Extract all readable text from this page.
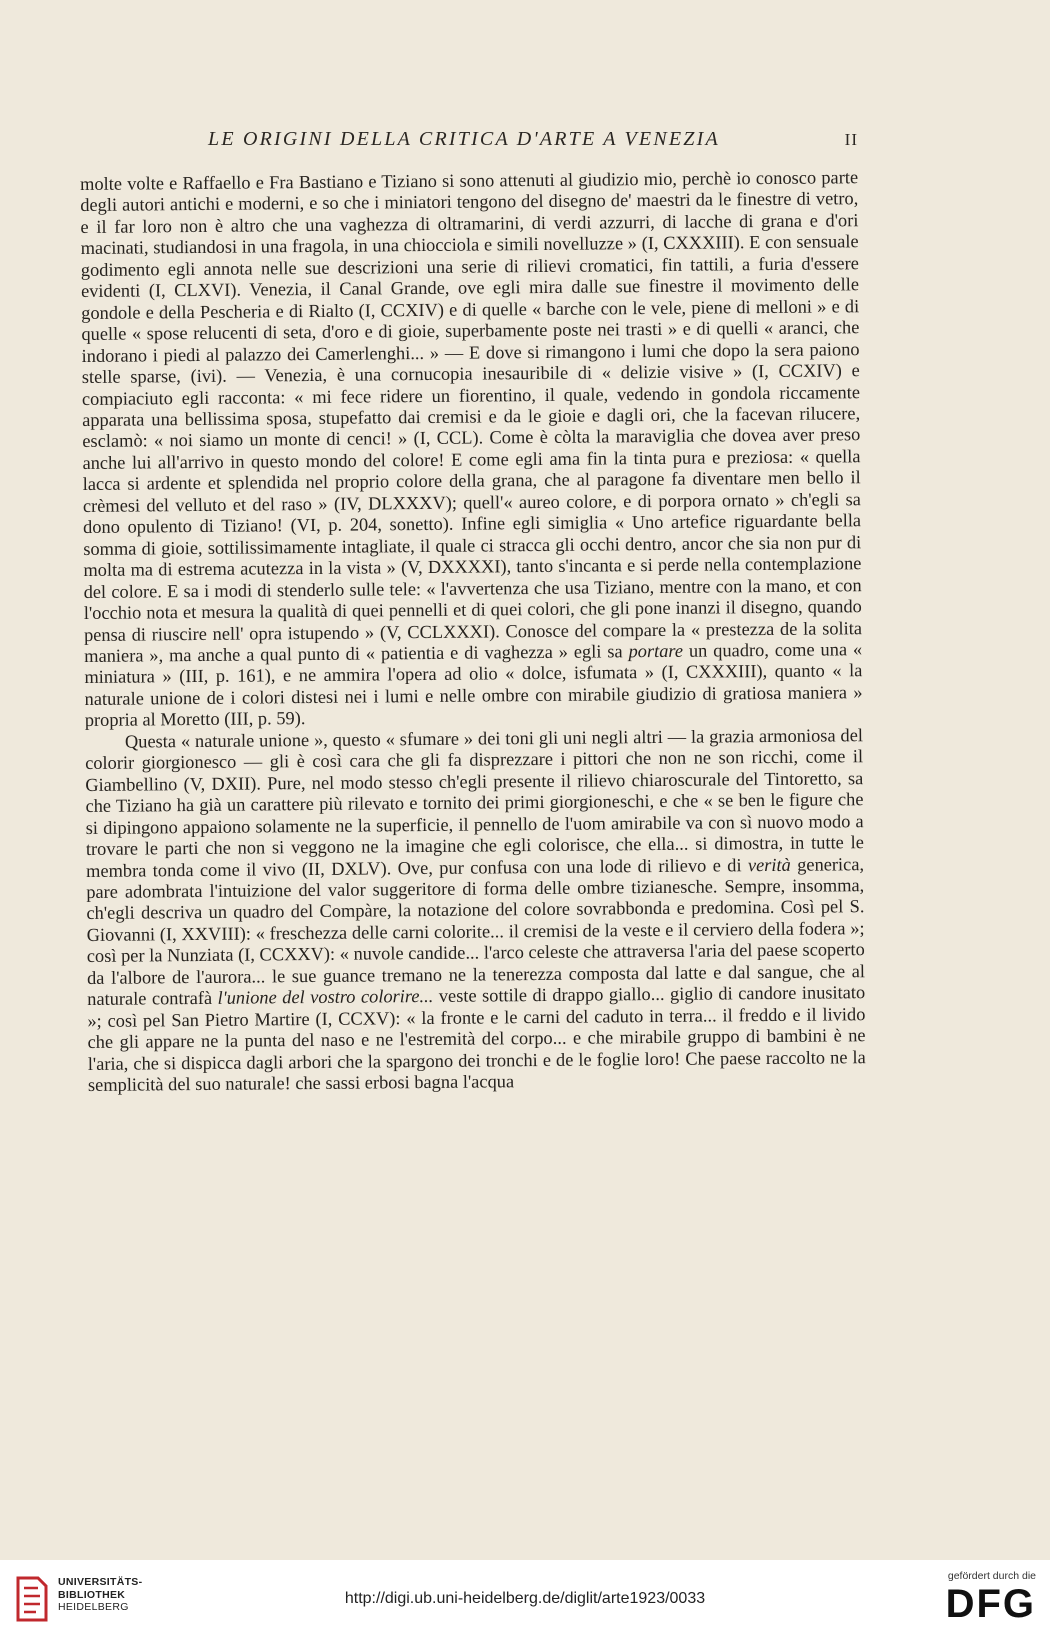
LE ORIGINI DELLA CRITICA D'ARTE A VENEZIA	II

molte volte e Raffaello e Fra Bastiano e Tiziano si sono attenuti al giudizio mio, perchè io conosco parte degli autori antichi e moderni, e so che i miniatori tengono del disegno de' maestri da le finestre di vetro, e il far loro non è altro che una vaghezza di oltramarini, di verdi azzurri, di lacche di grana e d'ori macinati, studiandosi in una fragola, in una chiocciola e simili novelluzze » (I, CXXXIII). E con sensuale godimento egli annota nelle sue descrizioni una serie di rilievi cromatici, fin tattili, a furia d'essere evidenti (I, CLXVI). Venezia, il Canal Grande, ove egli mira dalle sue finestre il movimento delle gondole e della Pescheria e di Rialto (I, CCXIV) e di quelle « barche con le vele, piene di melloni » e di quelle « spose relucenti di seta, d'oro e di gioie, superbamente poste nei trasti » e di quelli « aranci, che indorano i piedi al palazzo dei Camerlenghi... » — E dove si rimangono i lumi che dopo la sera paiono stelle sparse, (ivi). — Venezia, è una cornucopia inesauribile di « delizie visive » (I, CCXIV) e compiaciuto egli racconta: « mi fece ridere un fiorentino, il quale, vedendo in gondola riccamente apparata una bellissima sposa, stupefatto dai cremisi e da le gioie e dagli ori, che la facevan rilucere, esclamò: « noi siamo un monte di cenci! » (I, CCL). Come è còlta la maraviglia che dovea aver preso anche lui all'arrivo in questo mondo del colore! E come egli ama fin la tinta pura e preziosa: « quella lacca si ardente et splendida nel proprio colore della grana, che al paragone fa diventare men bello il crèmesi del velluto et del raso » (IV, DLXXXV); quell'« aureo colore, e di porpora ornato » ch'egli sa dono opulento di Tiziano! (VI, p. 204, sonetto). Infine egli simiglia « Uno artefice riguardante bella somma di gioie, sottilissimamente intagliate, il quale ci stracca gli occhi dentro, ancor che sia non pur di molta ma di estrema acutezza in la vista » (V, DXXXXI), tanto s'incanta e si perde nella contemplazione del colore. E sa i modi di stenderlo sulle tele: « l'avvertenza che usa Tiziano, mentre con la mano, et con l'occhio nota et mesura la qualità di quei pennelli et di quei colori, che gli pone inanzi il disegno, quando pensa di riuscire nell' opra istupendo » (V, CCLXXXI). Conosce del compare la « prestezza de la solita maniera », ma anche a qual punto di « patientia e di vaghezza » egli sa portare un quadro, come una « miniatura » (III, p. 161), e ne ammira l'opera ad olio « dolce, isfumata » (I, CXXXIII), quanto « la naturale unione de i colori distesi nei i lumi e nelle ombre con mirabile giudizio di gratiosa maniera » propria al Moretto (III, p. 59).

Questa « naturale unione », questo « sfumare » dei toni gli uni negli altri — la grazia armoniosa del colorir giorgionesco — gli è così cara che gli fa disprezzare i pittori che non ne son ricchi, come il Giambellino (V, DXII). Pure, nel modo stesso ch'egli presente il rilievo chiaroscurale del Tintoretto, sa che Tiziano ha già un carattere più rilevato e tornito dei primi giorgioneschi, e che « se ben le figure che si dipingono appaiono solamente ne la superficie, il pennello de l'uom amirabile va con sì nuovo modo a trovare le parti che non si veggono ne la imagine che egli colorisce, che ella... si dimostra, in tutte le membra tonda come il vivo (II, DXLV). Ove, pur confusa con una lode di rilievo e di verità generica, pare adombrata l'intuizione del valor suggeritore di forma delle ombre tizianesche. Sempre, insomma, ch'egli descriva un quadro del Compàre, la notazione del colore sovrabbonda e predomina. Così pel S. Giovanni (I, XXVIII): « freschezza delle carni colorite... il cremisi de la veste e il cerviero della fodera »; così per la Nunziata (I, CCXXV): « nuvole candide... l'arco celeste che attraversa l'aria del paese scoperto da l'albore de l'aurora... le sue guance tremano ne la tenerezza composta dal latte e dal sangue, che al naturale contrafà l'unione del vostro colorire... veste sottile di drappo giallo... giglio di candore inusitato »; così pel San Pietro Martire (I, CCXV): « la fronte e le carni del caduto in terra... il freddo e il livido che gli appare ne la punta del naso e ne l'estremità del corpo... e che mirabile gruppo di bambini è ne l'aria, che si dispicca dagli arbori che la spargono dei tronchi e de le foglie loro! Che paese raccolto ne la semplicità del suo naturale! che sassi erbosi bagna l'acqua

UNIVERSITÄTS-
BIBLIOTHEK
HEIDELBERG	http://digi.ub.uni-heidelberg.de/diglit/arte1923/0033
gefördert durch die
DFG
